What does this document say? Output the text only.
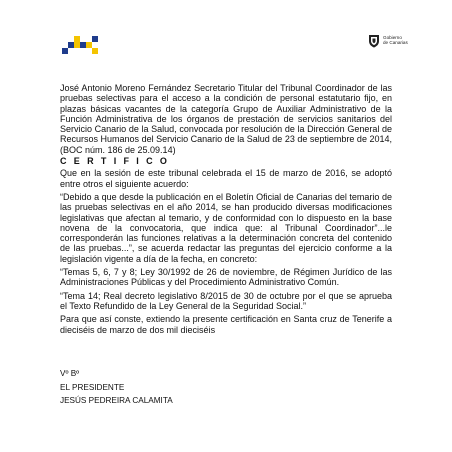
Gobierno
de Canarias

José Antonio Moreno Fernández Secretario Titular del Tribunal Coordinador de las pruebas selectivas para el acceso a la condición de personal estatutario fijo, en plazas básicas vacantes de la categoría Grupo de Auxiliar Administrativo de la Función Administrativa de los órganos de prestación de servicios sanitarios del Servicio Canario de la Salud, convocada por resolución de la Dirección General de Recursos Humanos del Servicio Canario de la Salud de 23 de septiembre de 2014, (BOC núm. 186 de 25.09.14)

C E R T I F I C O

Que en la sesión de este tribunal celebrada el 15 de marzo de 2016, se adoptó entre otros el siguiente acuerdo:

“Debido a que desde la publicación en el Boletín Oficial de Canarias del temario de las pruebas selectivas en el año 2014, se han producido diversas modificaciones legislativas que afectan al temario, y de conformidad con lo dispuesto en la base novena de la convocatoria, que indica que: al Tribunal Coordinador”...le corresponderán las funciones relativas a la determinación concreta del contenido de las pruebas...”, se acuerda redactar las preguntas del ejercicio conforme a la legislación vigente a día de la fecha, en concreto:

“Temas 5, 6, 7 y 8; Ley 30/1992 de 26 de noviembre, de Régimen Jurídico de las Administraciones Públicas y del Procedimiento Administrativo Común.

“Tema 14; Real decreto legislativo 8/2015 de 30 de octubre por el que se aprueba el Texto Refundido de la Ley General de la Seguridad Social.”

Para que así conste, extiendo la presente certificación en Santa cruz de Tenerife a dieciséis de marzo de dos mil dieciséis

Vº Bº
EL PRESIDENTE
JESÚS PEDREIRA CALAMITA
